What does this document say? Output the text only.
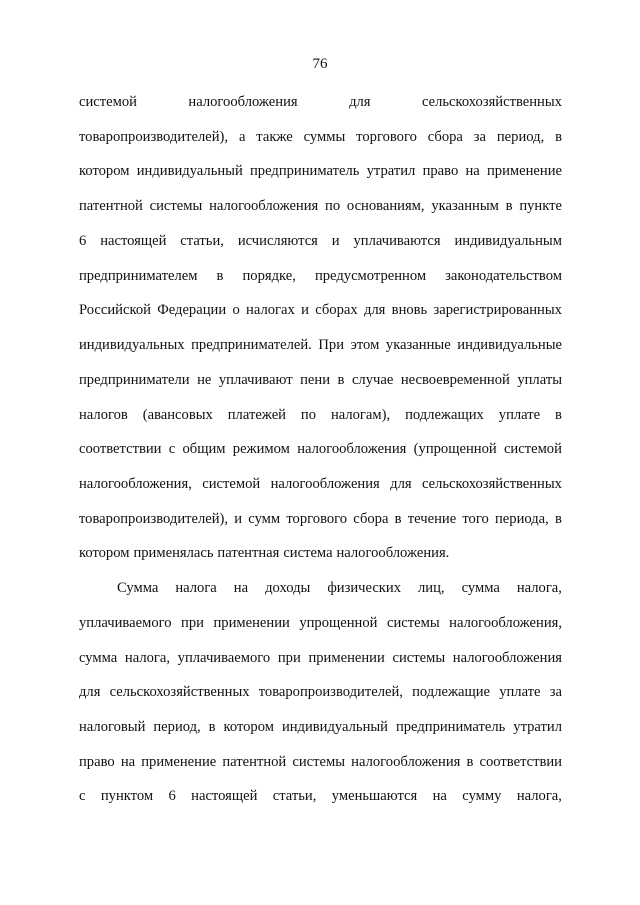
76
системой	налогообложения	для	сельскохозяйственных
товаропроизводителей), а также суммы торгового сбора за период, в
котором индивидуальный предприниматель утратил право на применение
патентной системы налогообложения по основаниям, указанным в пункте
6 настоящей статьи, исчисляются и уплачиваются индивидуальным
предпринимателем в порядке, предусмотренном законодательством
Российской Федерации о налогах и сборах для вновь зарегистрированных
индивидуальных предпринимателей. При этом указанные индивидуальные
предприниматели не уплачивают пени в случае несвоевременной уплаты
налогов (авансовых платежей по налогам), подлежащих уплате в
соответствии с общим режимом налогообложения (упрощенной системой
налогообложения, системой налогообложения для сельскохозяйственных
товаропроизводителей), и сумм торгового сбора в течение того периода, в
котором применялась патентная система налогообложения.
Сумма налога на доходы физических лиц, сумма налога,
уплачиваемого при применении упрощенной системы налогообложения,
сумма налога, уплачиваемого при применении системы налогообложения
для сельскохозяйственных товаропроизводителей, подлежащие уплате за
налоговый период, в котором индивидуальный предприниматель утратил
право на применение патентной системы налогообложения в соответствии
с пунктом 6 настоящей статьи, уменьшаются на сумму налога,
